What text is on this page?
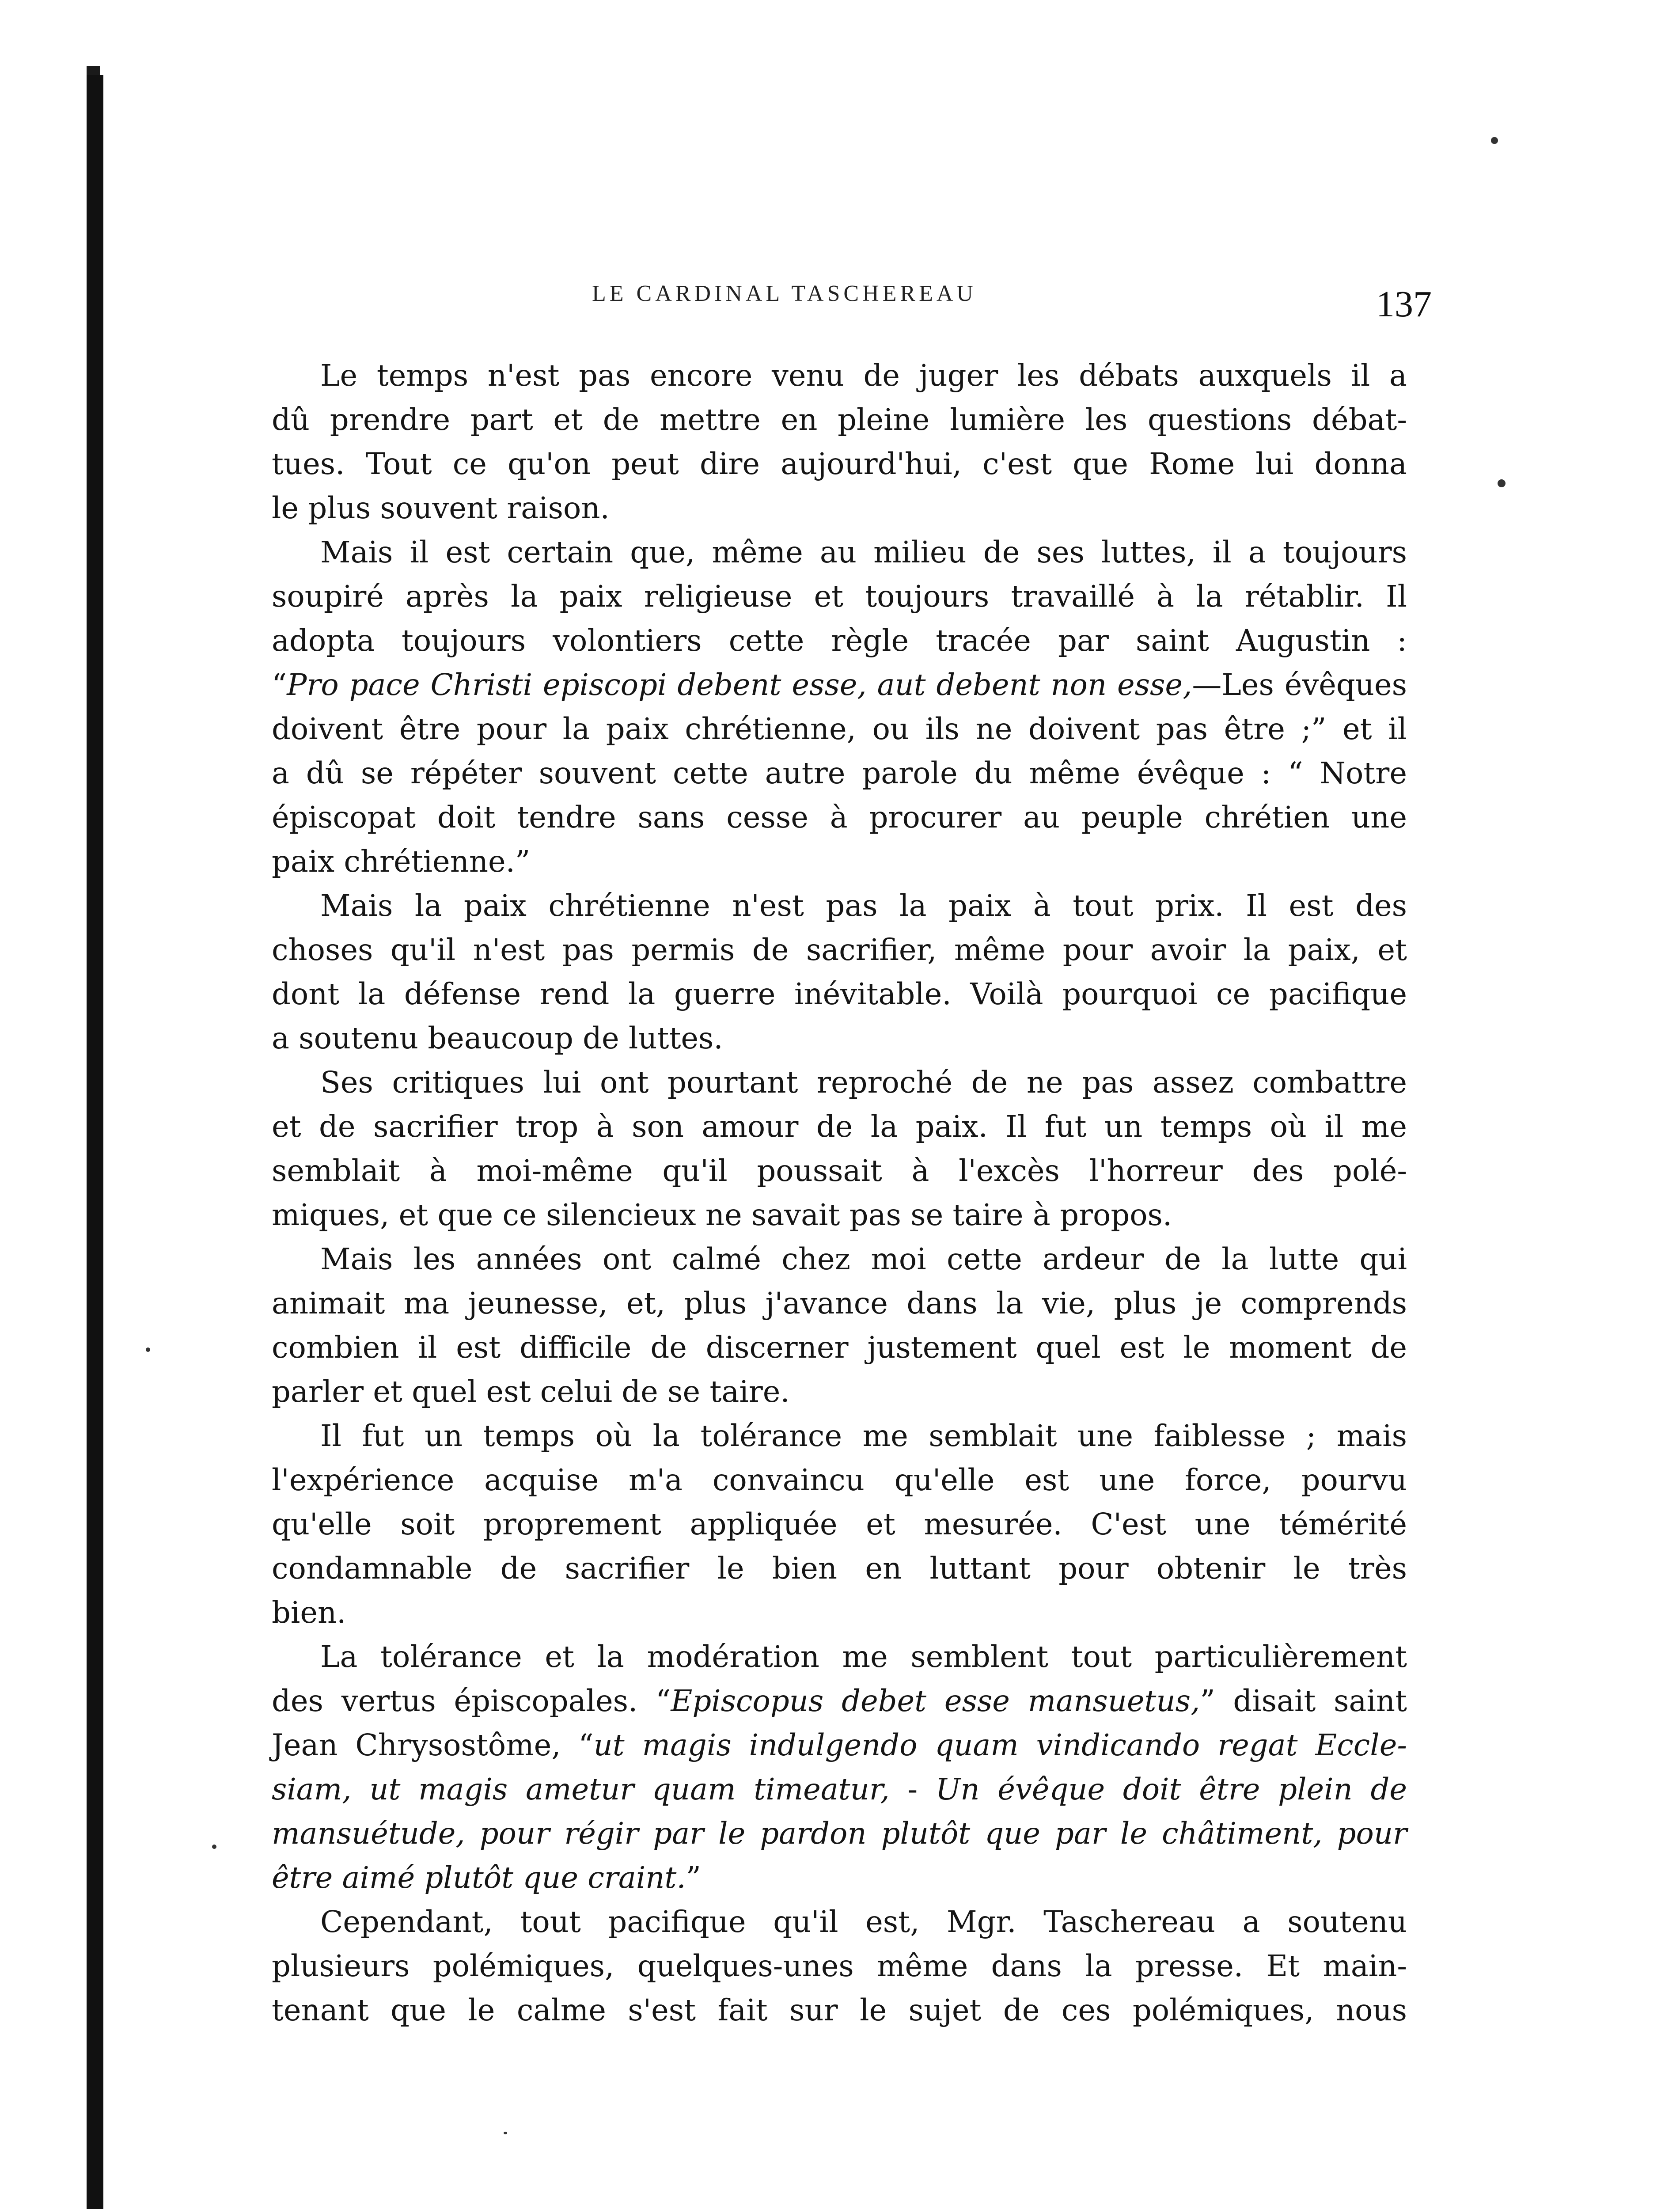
LE CARDINAL TASCHEREAU	137
Le temps n'est pas encore venu de juger les débats auxquels il a
dû prendre part et de mettre en pleine lumière les questions débat-
tues. Tout ce qu'on peut dire aujourd'hui, c'est que Rome lui donna
le plus souvent raison.
Mais il est certain que, même au milieu de ses luttes, il a toujours
soupiré après la paix religieuse et toujours travaillé à la rétablir. Il
adopta toujours volontiers cette règle tracée par saint Augustin :
“Pro pace Christi episcopi debent esse, aut debent non esse,—Les évêques
doivent être pour la paix chrétienne, ou ils ne doivent pas être ;” et il
a dû se répéter souvent cette autre parole du même évêque : “ Notre
épiscopat doit tendre sans cesse à procurer au peuple chrétien une
paix chrétienne.”
Mais la paix chrétienne n'est pas la paix à tout prix. Il est des
choses qu'il n'est pas permis de sacrifier, même pour avoir la paix, et
dont la défense rend la guerre inévitable. Voilà pourquoi ce pacifique
a soutenu beaucoup de luttes.
Ses critiques lui ont pourtant reproché de ne pas assez combattre
et de sacrifier trop à son amour de la paix. Il fut un temps où il me
semblait à moi-même qu'il poussait à l'excès l'horreur des polé-
miques, et que ce silencieux ne savait pas se taire à propos.
Mais les années ont calmé chez moi cette ardeur de la lutte qui
animait ma jeunesse, et, plus j'avance dans la vie, plus je comprends
combien il est difficile de discerner justement quel est le moment de
parler et quel est celui de se taire.
Il fut un temps où la tolérance me semblait une faiblesse ; mais
l'expérience acquise m'a convaincu qu'elle est une force, pourvu
qu'elle soit proprement appliquée et mesurée. C'est une témérité
condamnable de sacrifier le bien en luttant pour obtenir le très
bien.
La tolérance et la modération me semblent tout particulièrement
des vertus épiscopales. “Episcopus debet esse mansuetus,” disait saint
Jean Chrysostôme, “ut magis indulgendo quam vindicando regat Eccle-
siam, ut magis ametur quam timeatur, - Un évêque doit être plein de
mansuétude, pour régir par le pardon plutôt que par le châtiment, pour
être aimé plutôt que craint.”
Cependant, tout pacifique qu'il est, Mgr. Taschereau a soutenu
plusieurs polémiques, quelques-unes même dans la presse. Et main-
tenant que le calme s'est fait sur le sujet de ces polémiques, nous
